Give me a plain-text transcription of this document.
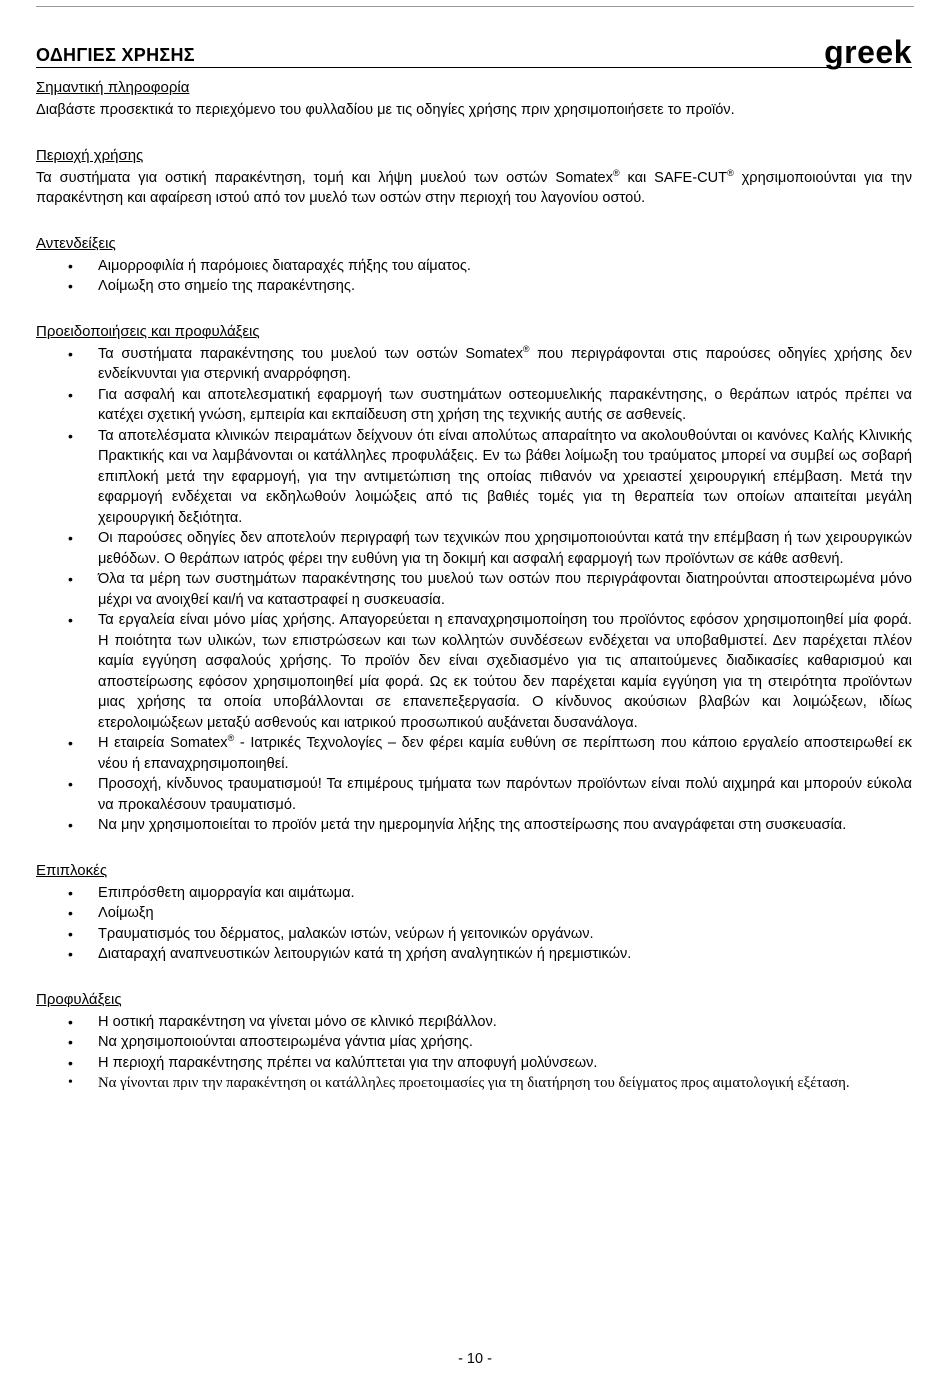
ΟΔΗΓΙΕΣ ΧΡΗΣΗΣ	greek

Σημαντική πληροφορία

Διαβάστε προσεκτικά το περιεχόμενο του φυλλαδίου με τις οδηγίες χρήσης πριν χρησιμοποιήσετε το προϊόν.

Περιοχή χρήσης

Τα συστήματα για οστική παρακέντηση, τομή και λήψη μυελού των οστών Somatex® και SAFE-CUT® χρησιμοποιούνται για την παρακέντηση και αφαίρεση ιστού από τον μυελό των οστών στην περιοχή του λαγονίου οστού.

Αντενδείξεις

• Αιμορροφιλία ή παρόμοιες διαταραχές πήξης του αίματος.
• Λοίμωξη στο σημείο της παρακέντησης.

Προειδοποιήσεις και προφυλάξεις

• Τα συστήματα παρακέντησης του μυελού των οστών Somatex® που περιγράφονται στις παρούσες οδηγίες χρήσης δεν ενδείκνυνται για στερνική αναρρόφηση.
• Για ασφαλή και αποτελεσματική εφαρμογή των συστημάτων οστεομυελικής παρακέντησης, ο θεράπων ιατρός πρέπει να κατέχει σχετική γνώση, εμπειρία και εκπαίδευση στη χρήση της τεχνικής αυτής σε ασθενείς.
• Τα αποτελέσματα κλινικών πειραμάτων δείχνουν ότι είναι απολύτως απαραίτητο να ακολουθούνται οι κανόνες Καλής Κλινικής Πρακτικής και να λαμβάνονται οι κατάλληλες προφυλάξεις. Εν τω βάθει λοίμωξη του τραύματος μπορεί να συμβεί ως σοβαρή επιπλοκή μετά την εφαρμογή, για την αντιμετώπιση της οποίας πιθανόν να χρειαστεί χειρουργική επέμβαση. Μετά την εφαρμογή ενδέχεται να εκδηλωθούν λοιμώξεις από τις βαθιές τομές για τη θεραπεία των οποίων απαιτείται μεγάλη χειρουργική δεξιότητα.
• Οι παρούσες οδηγίες δεν αποτελούν περιγραφή των τεχνικών που χρησιμοποιούνται κατά την επέμβαση ή των χειρουργικών μεθόδων. Ο θεράπων ιατρός φέρει την ευθύνη για τη δοκιμή και ασφαλή εφαρμογή των προϊόντων σε κάθε ασθενή.
• Όλα τα μέρη των συστημάτων παρακέντησης του μυελού των οστών που περιγράφονται διατηρούνται αποστειρωμένα μόνο μέχρι να ανοιχθεί και/ή να καταστραφεί η συσκευασία.
• Τα εργαλεία είναι μόνο μίας χρήσης. Απαγορεύεται η επαναχρησιμοποίηση του προϊόντος εφόσον χρησιμοποιηθεί μία φορά. Η ποιότητα των υλικών, των επιστρώσεων και των κολλητών συνδέσεων ενδέχεται να υποβαθμιστεί. Δεν παρέχεται πλέον καμία εγγύηση ασφαλούς χρήσης. Το προϊόν δεν είναι σχεδιασμένο για τις απαιτούμενες διαδικασίες καθαρισμού και αποστείρωσης εφόσον χρησιμοποιηθεί μία φορά. Ως εκ τούτου δεν παρέχεται καμία εγγύηση για τη στειρότητα προϊόντων μιας χρήσης τα οποία υποβάλλονται σε επανεπεξεργασία. Ο κίνδυνος ακούσιων βλαβών και λοιμώξεων, ιδίως ετερολοιμώξεων μεταξύ ασθενούς και ιατρικού προσωπικού αυξάνεται δυσανάλογα.
• Η εταιρεία Somatex® - Ιατρικές Τεχνολογίες – δεν φέρει καμία ευθύνη σε περίπτωση που κάποιο εργαλείο αποστειρωθεί εκ νέου ή επαναχρησιμοποιηθεί.
• Προσοχή, κίνδυνος τραυματισμού! Τα επιμέρους τμήματα των παρόντων προϊόντων είναι πολύ αιχμηρά και μπορούν εύκολα να προκαλέσουν τραυματισμό.
• Να μην χρησιμοποιείται το προϊόν μετά την ημερομηνία λήξης της αποστείρωσης που αναγράφεται στη συσκευασία.

Επιπλοκές

• Επιπρόσθετη αιμορραγία και αιμάτωμα.
• Λοίμωξη
• Τραυματισμός του δέρματος, μαλακών ιστών, νεύρων ή γειτονικών οργάνων.
• Διαταραχή αναπνευστικών λειτουργιών κατά τη χρήση αναλγητικών ή ηρεμιστικών.

Προφυλάξεις

• Η οστική παρακέντηση να γίνεται μόνο σε κλινικό περιβάλλον.
• Να χρησιμοποιούνται αποστειρωμένα γάντια μίας χρήσης.
• Η περιοχή παρακέντησης πρέπει να καλύπτεται για την αποφυγή μολύνσεων.
• Να γίνονται πριν την παρακέντηση οι κατάλληλες προετοιμασίες για τη διατήρηση του δείγματος προς αιματολογική εξέταση.
- 10 -
